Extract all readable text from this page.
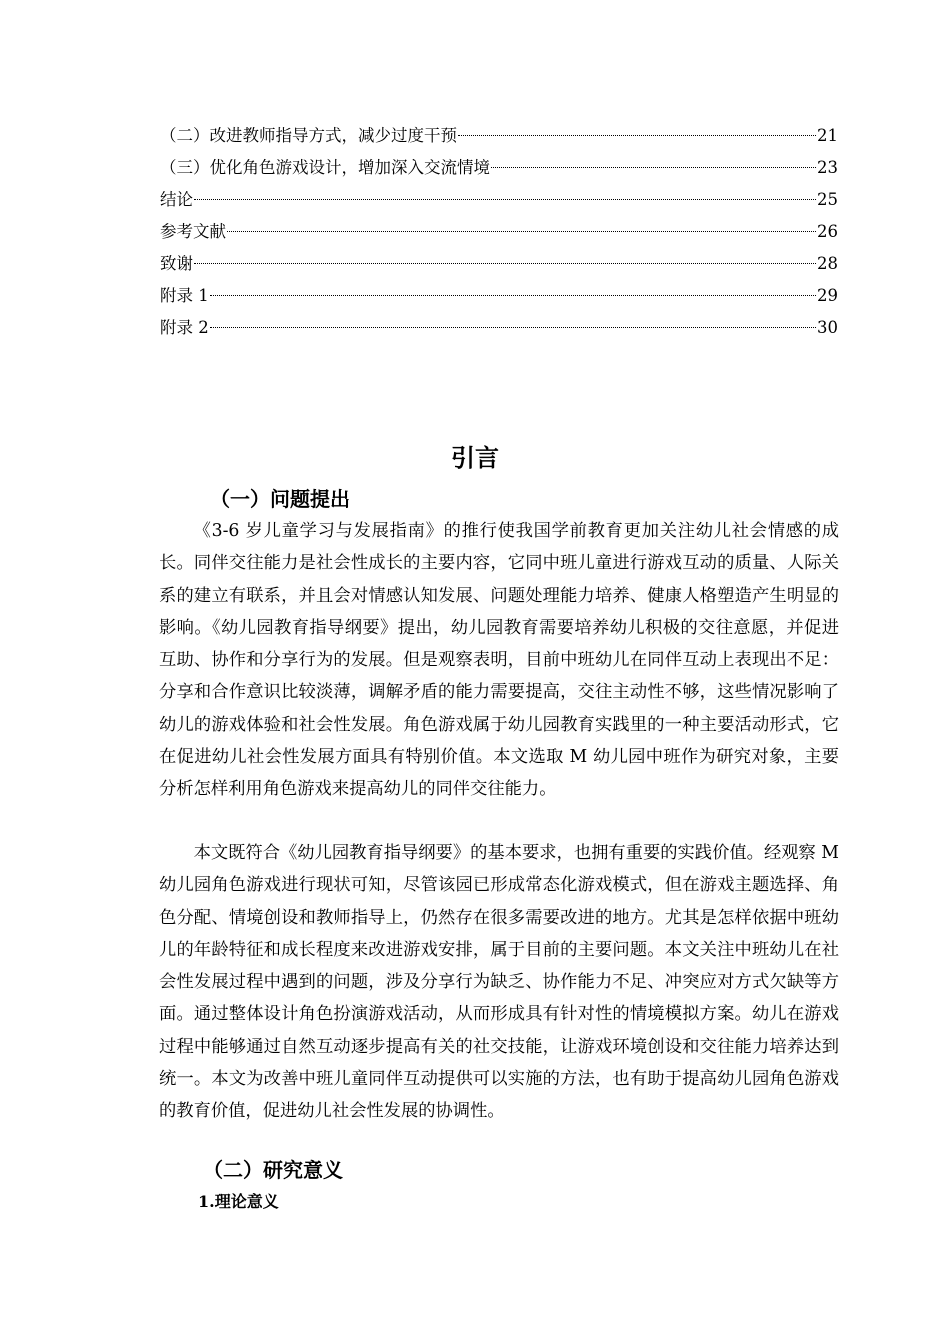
（二）改进教师指导方式，减少过度干预	21
（三）优化角色游戏设计，增加深入交流情境	23
结论	25
参考文献	26
致谢	28
附录 1	29
附录 2	30
引言
（一）问题提出

《3-6 岁儿童学习与发展指南》的推行使我国学前教育更加关注幼儿社会情感的成长。同伴交往能力是社会性成长的主要内容，它同中班儿童进行游戏互动的质量、人际关系的建立有联系，并且会对情感认知发展、问题处理能力培养、健康人格塑造产生明显的影响。《幼儿园教育指导纲要》提出，幼儿园教育需要培养幼儿积极的交往意愿，并促进互助、协作和分享行为的发展。但是观察表明，目前中班幼儿在同伴互动上表现出不足：分享和合作意识比较淡薄，调解矛盾的能力需要提高，交往主动性不够，这些情况影响了幼儿的游戏体验和社会性发展。角色游戏属于幼儿园教育实践里的一种主要活动形式，它在促进幼儿社会性发展方面具有特别价值。本文选取 M 幼儿园中班作为研究对象，主要分析怎样利用角色游戏来提高幼儿的同伴交往能力。

本文既符合《幼儿园教育指导纲要》的基本要求，也拥有重要的实践价值。经观察 M 幼儿园角色游戏进行现状可知，尽管该园已形成常态化游戏模式，但在游戏主题选择、角色分配、情境创设和教师指导上，仍然存在很多需要改进的地方。尤其是怎样依据中班幼儿的年龄特征和成长程度来改进游戏安排，属于目前的主要问题。本文关注中班幼儿在社会性发展过程中遇到的问题，涉及分享行为缺乏、协作能力不足、冲突应对方式欠缺等方面。通过整体设计角色扮演游戏活动，从而形成具有针对性的情境模拟方案。幼儿在游戏过程中能够通过自然互动逐步提高有关的社交技能，让游戏环境创设和交往能力培养达到统一。本文为改善中班儿童同伴互动提供可以实施的方法，也有助于提高幼儿园角色游戏的教育价值，促进幼儿社会性发展的协调性。

（二）研究意义
1.理论意义
